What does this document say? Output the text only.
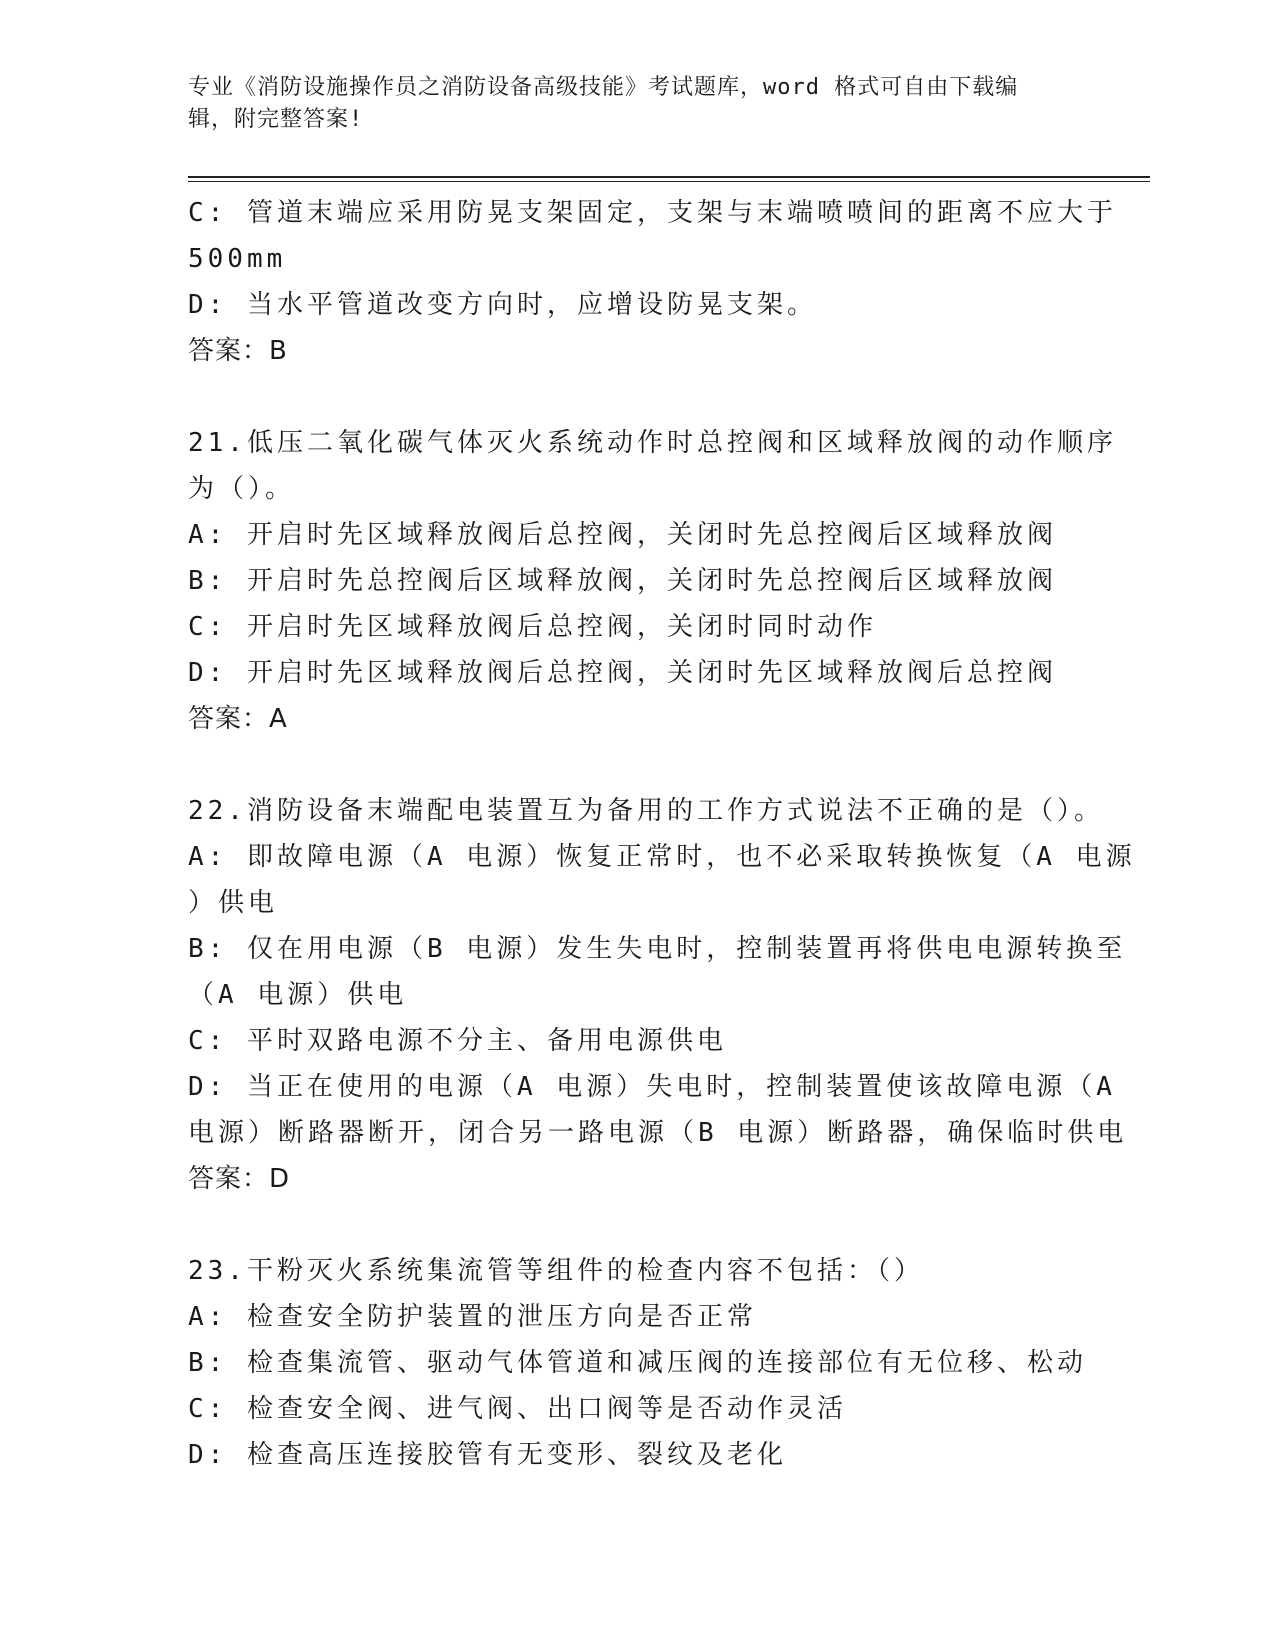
专业《消防设施操作员之消防设备高级技能》考试题库，word 格式可自由下载编
辑，附完整答案!

C: 管道末端应采用防晃支架固定，支架与末端喷喷间的距离不应大于

500mm

D: 当水平管道改变方向时，应增设防晃支架。

答案：B

21.低压二氧化碳气体灭火系统动作时总控阀和区域释放阀的动作顺序

为（）。

A: 开启时先区域释放阀后总控阀，关闭时先总控阀后区域释放阀

B: 开启时先总控阀后区域释放阀，关闭时先总控阀后区域释放阀

C: 开启时先区域释放阀后总控阀，关闭时同时动作

D: 开启时先区域释放阀后总控阀，关闭时先区域释放阀后总控阀

答案：A

22.消防设备末端配电装置互为备用的工作方式说法不正确的是（）。

A: 即故障电源（A 电源）恢复正常时，也不必采取转换恢复（A 电源

）供电

B: 仅在用电源（B 电源）发生失电时，控制装置再将供电电源转换至

（A 电源）供电

C: 平时双路电源不分主、备用电源供电

D: 当正在使用的电源（A 电源）失电时，控制装置使该故障电源（A

电源）断路器断开，闭合另一路电源（B 电源）断路器，确保临时供电

答案：D

23.干粉灭火系统集流管等组件的检查内容不包括：（）

A: 检查安全防护装置的泄压方向是否正常

B: 检查集流管、驱动气体管道和减压阀的连接部位有无位移、松动

C: 检查安全阀、进气阀、出口阀等是否动作灵活

D: 检查高压连接胶管有无变形、裂纹及老化
